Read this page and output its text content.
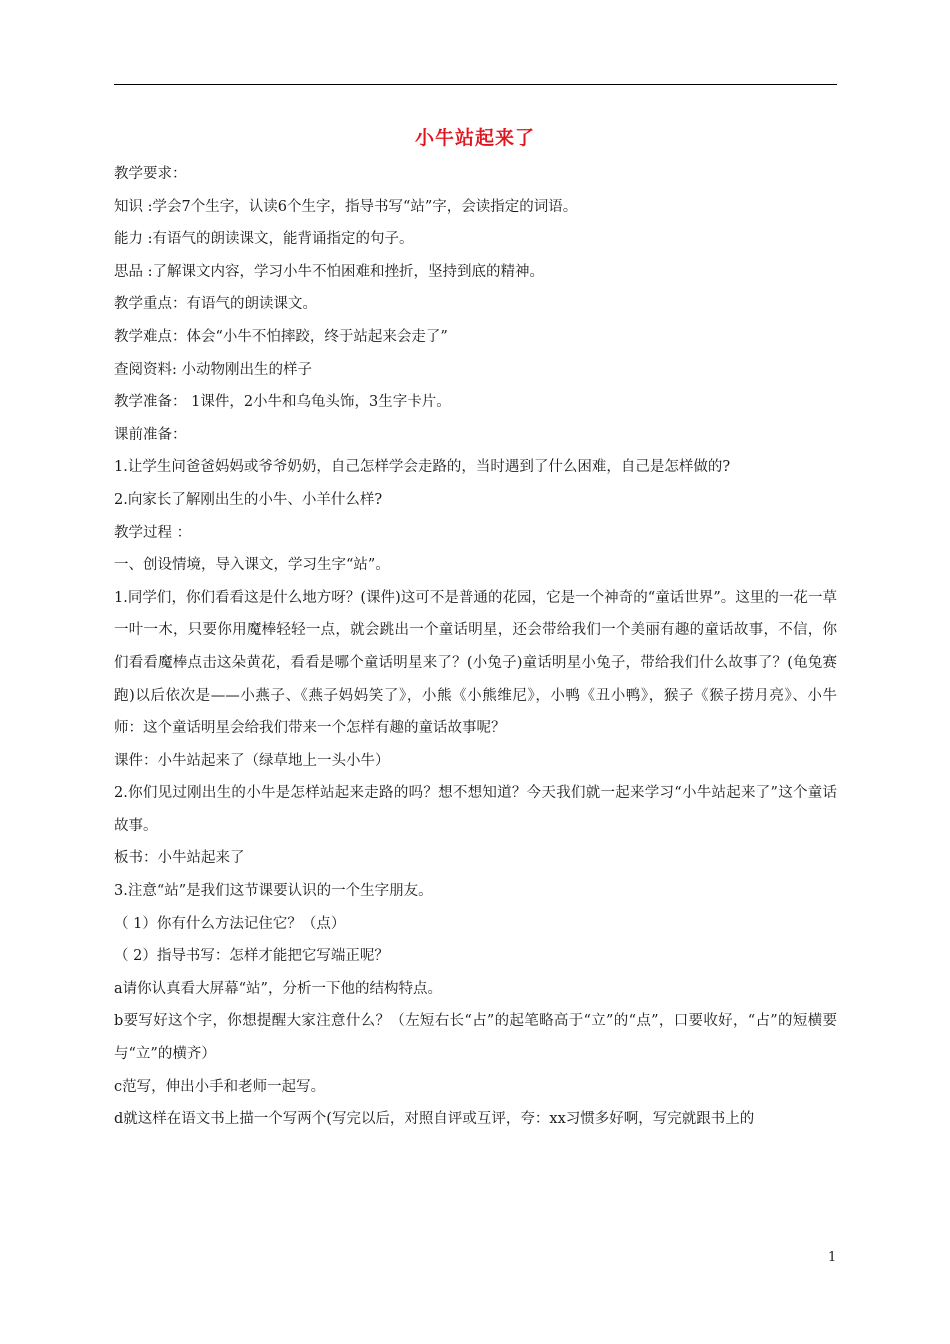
小牛站起来了
教学要求：
知识 :学会7个生字，认读6个生字，指导书写“站”字，会读指定的词语。
能力 :有语气的朗读课文，能背诵指定的句子。
思品 :了解课文内容，学习小牛不怕困难和挫折，坚持到底的精神。
教学重点：有语气的朗读课文。
教学难点：体会“小牛不怕摔跤，终于站起来会走了”
查阅资料: 小动物刚出生的样子
教学准备： 1课件，2小牛和乌龟头饰，3生字卡片。
课前准备：
1.让学生问爸爸妈妈或爷爷奶奶，自己怎样学会走路的，当时遇到了什么困难，自己是怎样做的?
2.向家长了解刚出生的小牛、小羊什么样?
教学过程 ：
一、创设情境，导入课文，学习生字“站”。
1.同学们，你们看看这是什么地方呀？(课件)这可不是普通的花园，它是一个神奇的“童话世界”。这里的一花一草一叶一木，只要你用魔棒轻轻一点，就会跳出一个童话明星，还会带给我们一个美丽有趣的童话故事，不信，你们看看魔棒点击这朵黄花，看看是哪个童话明星来了？(小兔子)童话明星小兔子，带给我们什么故事了？(龟兔赛跑)以后依次是——小燕子、《燕子妈妈笑了》，小熊《小熊维尼》，小鸭《丑小鸭》，猴子《猴子捞月亮》、小牛 师：这个童话明星会给我们带来一个怎样有趣的童话故事呢？
课件：小牛站起来了（绿草地上一头小牛）
2.你们见过刚出生的小牛是怎样站起来走路的吗？想不想知道？今天我们就一起来学习“小牛站起来了”这个童话故事。
板书：小牛站起来了
3.注意“站”是我们这节课要认识的一个生字朋友。
（ 1）你有什么方法记住它？（点）
（ 2）指导书写：怎样才能把它写端正呢？
a请你认真看大屏幕“站”，分析一下他的结构特点。
b要写好这个字，你想提醒大家注意什么？（左短右长“占”的起笔略高于“立”的“点”，口要收好，“占”的短横要与“立”的横齐）
c范写，伸出小手和老师一起写。
d就这样在语文书上描一个写两个(写完以后，对照自评或互评，夸：xx习惯多好啊，写完就跟书上的
1
